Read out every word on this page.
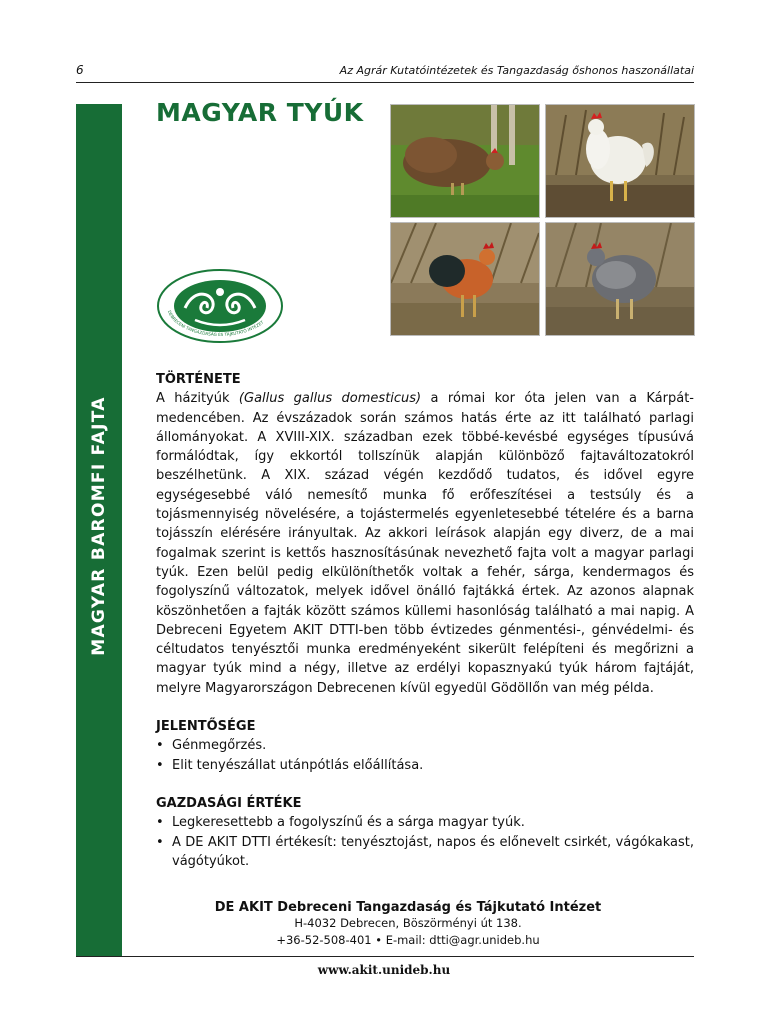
6	Az Agrár Kutatóintézetek és Tangazdaság őshonos haszonállatai
MAGYAR BAROMFI FAJTA
MAGYAR TYÚK
DEBRECENI TANGAZDASÁG ÉS TÁJKUTATÓ INTÉZET

TÖRTÉNETE

A házityúk (Gallus gallus domesticus) a római kor óta jelen van a Kárpát-medencében. Az évszázadok során számos hatás érte az itt található parlagi állományokat. A XVIII-XIX. században ezek többé-kevésbé egységes típusúvá formálódtak, így ekkortól tollszínük alapján különböző fajtaváltozatokról beszélhetünk. A XIX. század végén kezdődő tudatos, és idővel egyre egységesebbé váló nemesítő munka fő erőfeszítései a testsúly és a tojásmennyiség növelésére, a tojástermelés egyenletesebbé tételére és a barna tojásszín elérésére irányultak. Az akkori leírások alapján egy diverz, de a mai fogalmak szerint is kettős hasznosításúnak nevezhető fajta volt a magyar parlagi tyúk. Ezen belül pedig elkülöníthetők voltak a fehér, sárga, kendermagos és fogolyszínű változatok, melyek idővel önálló fajtákká értek. Az azonos alapnak köszönhetően a fajták között számos küllemi hasonlóság található a mai napig. A Debreceni Egyetem AKIT DTTI-ben több évtizedes génmentési-, génvédelmi- és céltudatos tenyésztői munka eredményeként sikerült felépíteni és megőrizni a magyar tyúk mind a négy, illetve az erdélyi kopasznyakú tyúk három fajtáját, melyre Magyarországon Debrecenen kívül egyedül Gödöllőn van még példa.

JELENTŐSÉGE

• Génmegőrzés.
• Elit tenyészállat utánpótlás előállítása.

GAZDASÁGI ÉRTÉKE

• Legkeresettebb a fogolyszínű és a sárga magyar tyúk.
• A DE AKIT DTTI értékesít: tenyésztojást, napos és előnevelt csirkét, vágókakast, vágótyúkot.
DE AKIT Debreceni Tangazdaság és Tájkutató Intézet
H-4032 Debrecen, Böszörményi út 138.
+36-52-508-401 • E-mail: dtti@agr.unideb.hu
www.akit.unideb.hu
